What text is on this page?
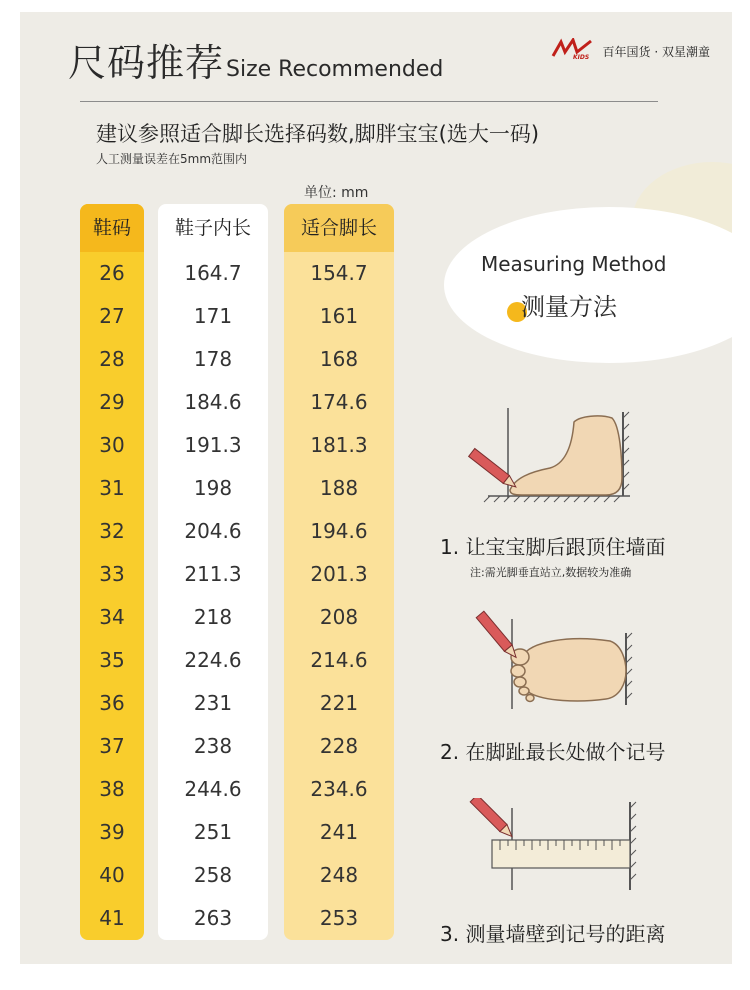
尺码推荐Size Recommended	KIDS 百年国货 · 双星潮童
建议参照适合脚长选择码数,脚胖宝宝(选大一码)
人工测量误差在5mm范围内
单位: mm
鞋码
26
27
28
29
30
31
32
33
34
35
36
37
38
39
40
41
鞋子内长
164.7
171
178
184.6
191.3
198
204.6
211.3
218
224.6
231
238
244.6
251
258
263
适合脚长
154.7
161
168
174.6
181.3
188
194.6
201.3
208
214.6
221
228
234.6
241
248
253
Measuring Method
测量方法
1. 让宝宝脚后跟顶住墙面
注:需光脚垂直站立,数据较为准确
2. 在脚趾最长处做个记号
3. 测量墙壁到记号的距离
